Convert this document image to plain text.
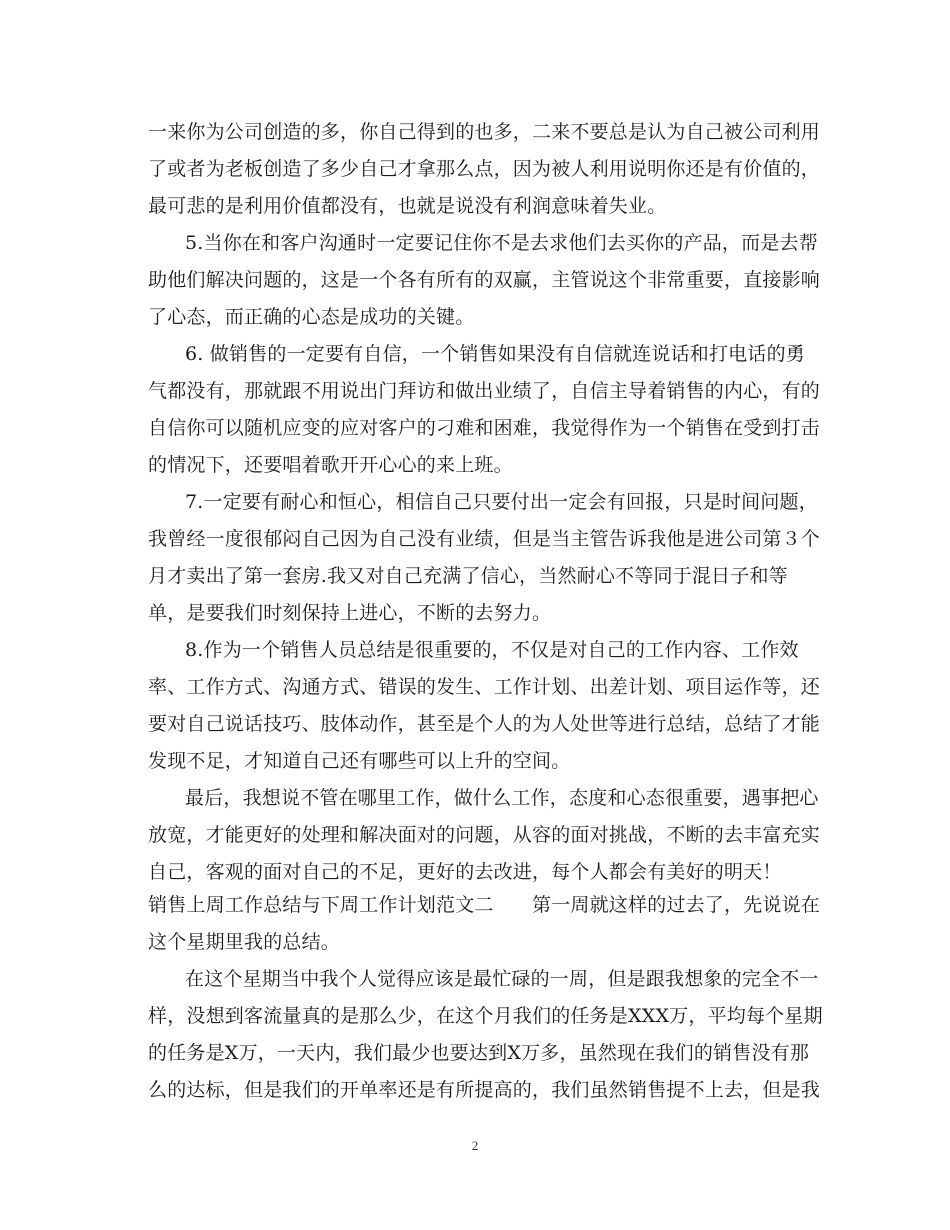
一来你为公司创造的多，你自己得到的也多，二来不要总是认为自己被公司利用
了或者为老板创造了多少自己才拿那么点，因为被人利用说明你还是有价值的，
最可悲的是利用价值都没有，也就是说没有利润意味着失业。
5.当你在和客户沟通时一定要记住你不是去求他们去买你的产品，而是去帮
助他们解决问题的，这是一个各有所有的双赢，主管说这个非常重要，直接影响
了心态，而正确的心态是成功的关键。
6. 做销售的一定要有自信，一个销售如果没有自信就连说话和打电话的勇
气都没有，那就跟不用说出门拜访和做出业绩了，自信主导着销售的内心，有的
自信你可以随机应变的应对客户的刁难和困难，我觉得作为一个销售在受到打击
的情况下，还要唱着歌开开心心的来上班。
7.一定要有耐心和恒心，相信自己只要付出一定会有回报，只是时间问题，
我曾经一度很郁闷自己因为自己没有业绩，但是当主管告诉我他是进公司第３个
月才卖出了第一套房.我又对自己充满了信心，当然耐心不等同于混日子和等
单，是要我们时刻保持上进心，不断的去努力。
8.作为一个销售人员总结是很重要的，不仅是对自己的工作内容、工作效
率、工作方式、沟通方式、错误的发生、工作计划、出差计划、项目运作等，还
要对自己说话技巧、肢体动作，甚至是个人的为人处世等进行总结，总结了才能
发现不足，才知道自己还有哪些可以上升的空间。
最后，我想说不管在哪里工作，做什么工作，态度和心态很重要，遇事把心
放宽，才能更好的处理和解决面对的问题，从容的面对挑战，不断的去丰富充实
自己，客观的面对自己的不足，更好的去改进，每个人都会有美好的明天！
销售上周工作总结与下周工作计划范文二　　第一周就这样的过去了，先说说在
这个星期里我的总结。
在这个星期当中我个人觉得应该是最忙碌的一周，但是跟我想象的完全不一
样，没想到客流量真的是那么少，在这个月我们的任务是XXX万，平均每个星期
的任务是X万，一天内，我们最少也要达到X万多，虽然现在我们的销售没有那
么的达标，但是我们的开单率还是有所提高的，我们虽然销售提不上去，但是我
2
